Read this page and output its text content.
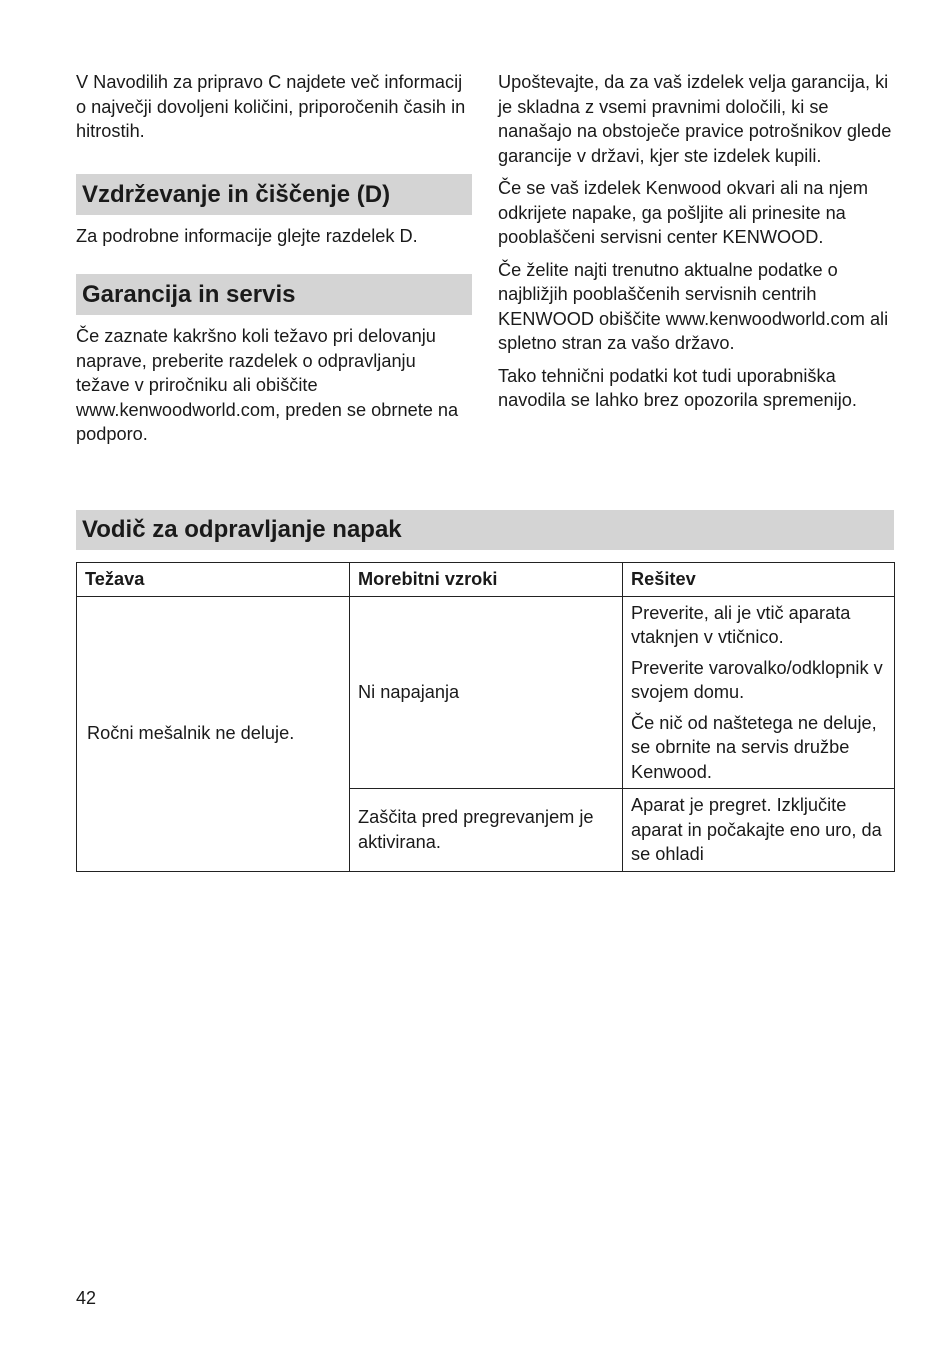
V Navodilih za pripravo C najdete več informacij o največji dovoljeni količini, priporočenih časih in hitrostih.

Vzdrževanje in čiščenje (D)

Za podrobne informacije glejte razdelek D.

Garancija in servis

Če zaznate kakršno koli težavo pri delovanju naprave, preberite razdelek o odpravljanju težave v priročniku ali obiščite www.kenwoodworld.com, preden se obrnete na podporo.

Upoštevajte, da za vaš izdelek velja garancija, ki je skladna z vsemi pravnimi določili, ki se nanašajo na obstoječe pravice potrošnikov glede garancije v državi, kjer ste izdelek kupili.

Če se vaš izdelek Kenwood okvari ali na njem odkrijete napake, ga pošljite ali prinesite na pooblaščeni servisni center KENWOOD.

Če želite najti trenutno aktualne podatke o najbližjih pooblaščenih servisnih centrih KENWOOD obiščite www.kenwoodworld.com ali spletno stran za vašo državo.

Tako tehnični podatki kot tudi uporabniška navodila se lahko brez opozorila spremenijo.

Vodič za odpravljanje napak
Težava	Morebitni vzroki	Rešitev
Ročni mešalnik ne deluje.	Ni napajanja	Preverite, ali je vtič aparata vtaknjen v vtičnico.

Preverite varovalko/odklopnik v svojem domu.

Če nič od naštetega ne deluje, se obrnite na servis družbe Kenwood.

	Zaščita pred pregrevanjem je aktivirana.	Aparat je pregret. Izključite aparat in počakajte eno uro, da se ohladi
42
